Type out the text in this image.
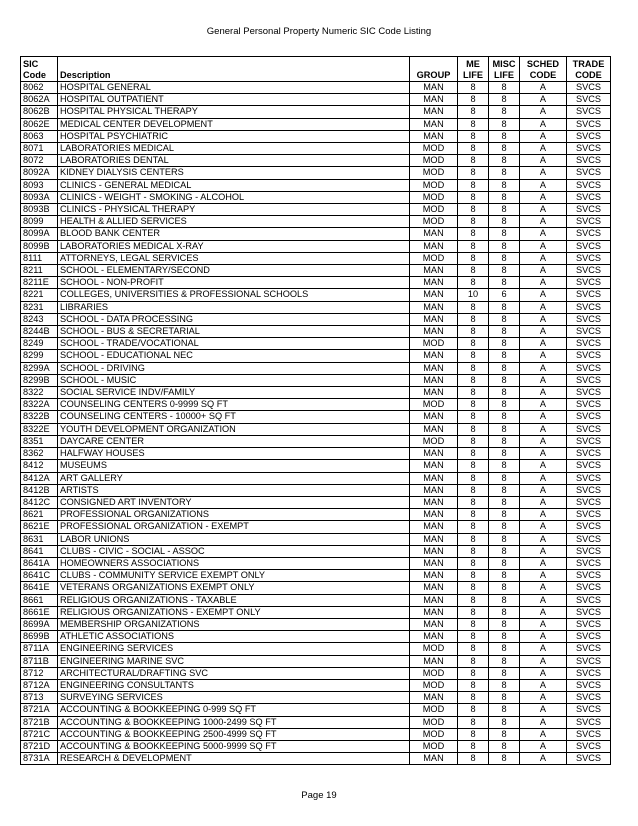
General Personal Property Numeric SIC Code Listing
SIC Code	Description	GROUP	ME LIFE	MISC LIFE	SCHED CODE	TRADE CODE
8062	HOSPITAL GENERAL	MAN	8	8	A	SVCS
8062A	HOSPITAL OUTPATIENT	MAN	8	8	A	SVCS
8062B	HOSPITAL PHYSICAL THERAPY	MAN	8	8	A	SVCS
8062E	MEDICAL CENTER DEVELOPMENT	MAN	8	8	A	SVCS
8063	HOSPITAL PSYCHIATRIC	MAN	8	8	A	SVCS
8071	LABORATORIES MEDICAL	MOD	8	8	A	SVCS
8072	LABORATORIES DENTAL	MOD	8	8	A	SVCS
8092A	KIDNEY DIALYSIS CENTERS	MOD	8	8	A	SVCS
8093	CLINICS - GENERAL MEDICAL	MOD	8	8	A	SVCS
8093A	CLINICS - WEIGHT - SMOKING - ALCOHOL	MOD	8	8	A	SVCS
8093B	CLINICS - PHYSICAL THERAPY	MOD	8	8	A	SVCS
8099	HEALTH & ALLIED SERVICES	MOD	8	8	A	SVCS
8099A	BLOOD BANK CENTER	MAN	8	8	A	SVCS
8099B	LABORATORIES MEDICAL X-RAY	MAN	8	8	A	SVCS
8111	ATTORNEYS, LEGAL SERVICES	MOD	8	8	A	SVCS
8211	SCHOOL - ELEMENTARY/SECOND	MAN	8	8	A	SVCS
8211E	SCHOOL - NON-PROFIT	MAN	8	8	A	SVCS
8221	COLLEGES, UNIVERSITIES & PROFESSIONAL SCHOOLS	MAN	10	6	A	SVCS
8231	LIBRARIES	MAN	8	8	A	SVCS
8243	SCHOOL - DATA PROCESSING	MAN	8	8	A	SVCS
8244B	SCHOOL - BUS & SECRETARIAL	MAN	8	8	A	SVCS
8249	SCHOOL - TRADE/VOCATIONAL	MOD	8	8	A	SVCS
8299	SCHOOL - EDUCATIONAL NEC	MAN	8	8	A	SVCS
8299A	SCHOOL - DRIVING	MAN	8	8	A	SVCS
8299B	SCHOOL - MUSIC	MAN	8	8	A	SVCS
8322	SOCIAL SERVICE INDV/FAMILY	MAN	8	8	A	SVCS
8322A	COUNSELING CENTERS 0-9999 SQ FT	MOD	8	8	A	SVCS
8322B	COUNSELING CENTERS - 10000+ SQ FT	MAN	8	8	A	SVCS
8322E	YOUTH DEVELOPMENT ORGANIZATION	MAN	8	8	A	SVCS
8351	DAYCARE CENTER	MOD	8	8	A	SVCS
8362	HALFWAY HOUSES	MAN	8	8	A	SVCS
8412	MUSEUMS	MAN	8	8	A	SVCS
8412A	ART GALLERY	MAN	8	8	A	SVCS
8412B	ARTISTS	MAN	8	8	A	SVCS
8412C	CONSIGNED ART INVENTORY	MAN	8	8	A	SVCS
8621	PROFESSIONAL ORGANIZATIONS	MAN	8	8	A	SVCS
8621E	PROFESSIONAL ORGANIZATION - EXEMPT	MAN	8	8	A	SVCS
8631	LABOR UNIONS	MAN	8	8	A	SVCS
8641	CLUBS - CIVIC - SOCIAL - ASSOC	MAN	8	8	A	SVCS
8641A	HOMEOWNERS ASSOCIATIONS	MAN	8	8	A	SVCS
8641C	CLUBS - COMMUNITY SERVICE EXEMPT ONLY	MAN	8	8	A	SVCS
8641E	VETERANS ORGANIZATIONS EXEMPT ONLY	MAN	8	8	A	SVCS
8661	RELIGIOUS ORGANIZATIONS - TAXABLE	MAN	8	8	A	SVCS
8661E	RELIGIOUS ORGANIZATIONS - EXEMPT ONLY	MAN	8	8	A	SVCS
8699A	MEMBERSHIP ORGANIZATIONS	MAN	8	8	A	SVCS
8699B	ATHLETIC ASSOCIATIONS	MAN	8	8	A	SVCS
8711A	ENGINEERING SERVICES	MOD	8	8	A	SVCS
8711B	ENGINEERING MARINE SVC	MAN	8	8	A	SVCS
8712	ARCHITECTURAL/DRAFTING SVC	MOD	8	8	A	SVCS
8712A	ENGINEERING CONSULTANTS	MOD	8	8	A	SVCS
8713	SURVEYING SERVICES	MAN	8	8	A	SVCS
8721A	ACCOUNTING & BOOKKEEPING 0-999 SQ FT	MOD	8	8	A	SVCS
8721B	ACCOUNTING & BOOKKEEPING 1000-2499 SQ FT	MOD	8	8	A	SVCS
8721C	ACCOUNTING & BOOKKEEPING 2500-4999 SQ FT	MOD	8	8	A	SVCS
8721D	ACCOUNTING & BOOKKEEPING 5000-9999 SQ FT	MOD	8	8	A	SVCS
8731A	RESEARCH & DEVELOPMENT	MAN	8	8	A	SVCS
Page 19
